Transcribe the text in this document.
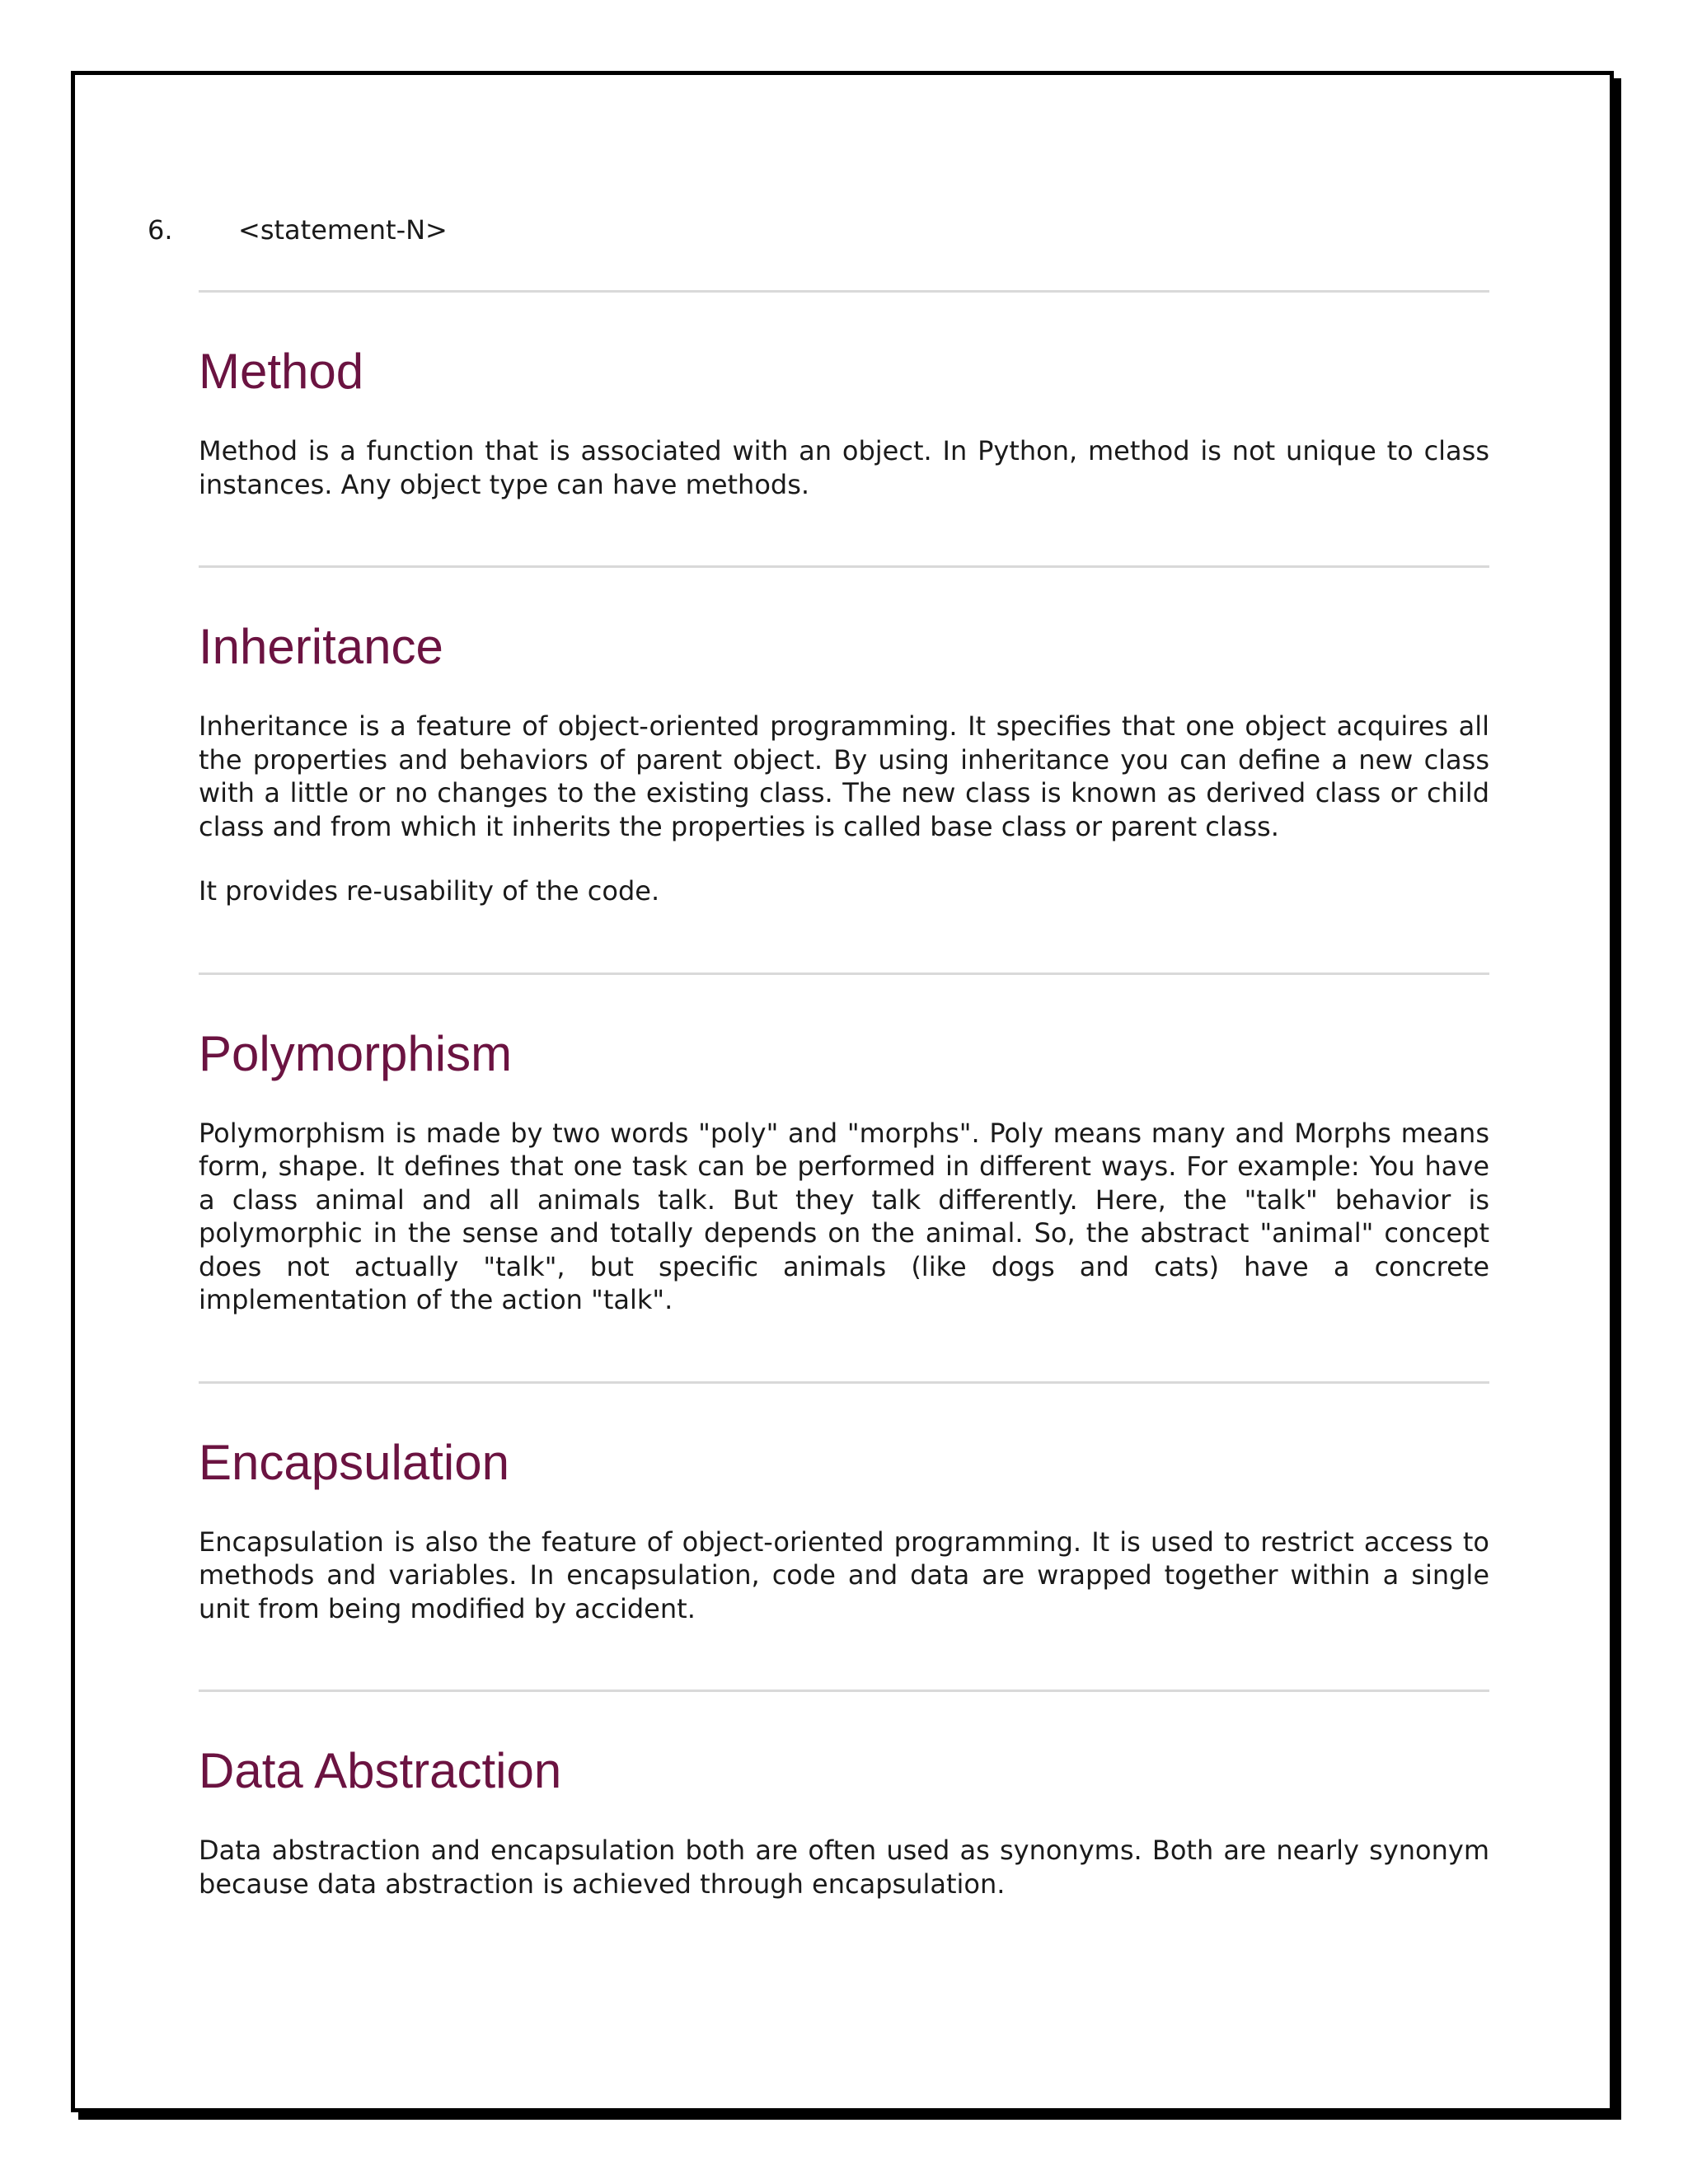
6. <statement-N>
Method

Method is a function that is associated with an object. In Python, method is not unique to class instances. Any object type can have methods.

Inheritance

Inheritance is a feature of object-oriented programming. It specifies that one object acquires all the properties and behaviors of parent object. By using inheritance you can define a new class with a little or no changes to the existing class. The new class is known as derived class or child class and from which it inherits the properties is called base class or parent class.

It provides re-usability of the code.

Polymorphism

Polymorphism is made by two words "poly" and "morphs". Poly means many and Morphs means form, shape. It defines that one task can be performed in different ways. For example: You have a class animal and all animals talk. But they talk differently. Here, the "talk" behavior is polymorphic in the sense and totally depends on the animal. So, the abstract "animal" concept does not actually "talk", but specific animals (like dogs and cats) have a concrete implementation of the action "talk".

Encapsulation

Encapsulation is also the feature of object-oriented programming. It is used to restrict access to methods and variables. In encapsulation, code and data are wrapped together within a single unit from being modified by accident.

Data Abstraction

Data abstraction and encapsulation both are often used as synonyms. Both are nearly synonym because data abstraction is achieved through encapsulation.
